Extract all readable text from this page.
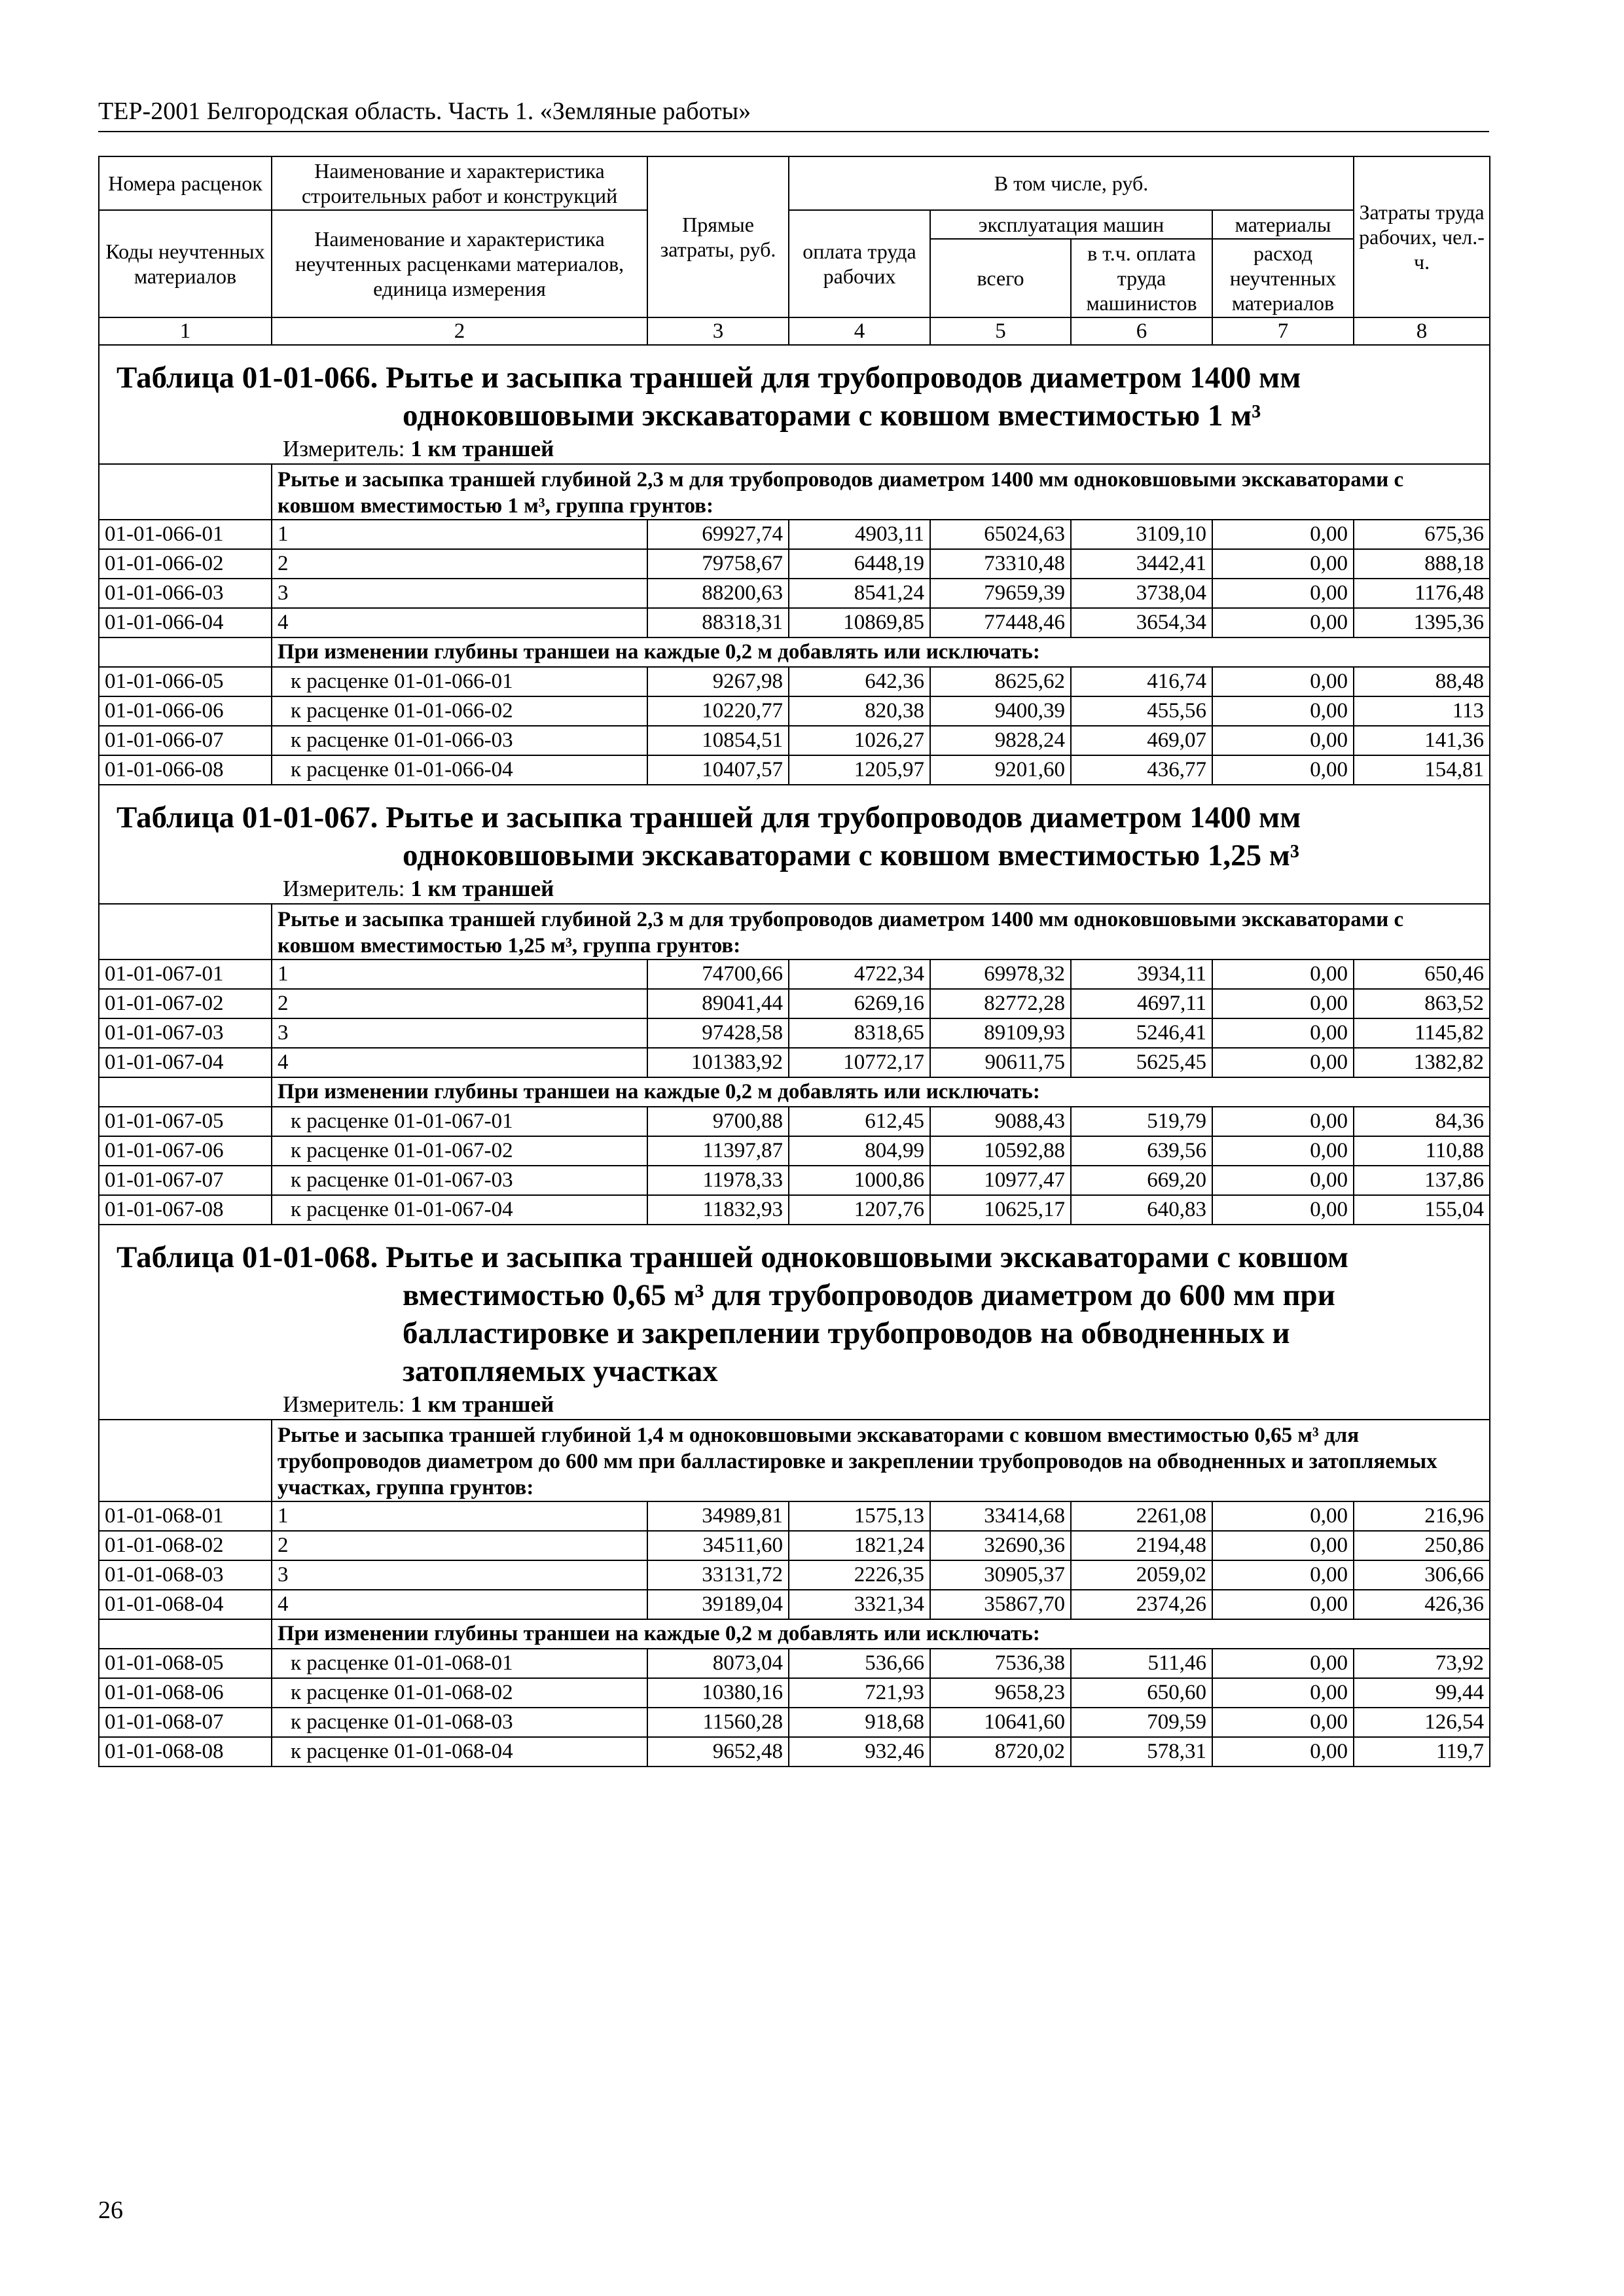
ТЕР-2001 Белгородская область. Часть 1. «Земляные работы»
Номера расценок	Наименование и характеристика строительных работ и конструкций	Прямые затраты, руб.	В том числе, руб.				Затраты труда рабочих, чел.-ч.
Коды неучтенных материалов	Наименование и характеристика неучтенных расценками материалов, единица измерения		оплата труда рабочих	эксплуатация машин		материалы	
				всего	в т.ч. оплата труда машинистов	расход неучтенных материалов	
1	2	3	4	5	6	7	8

Таблица 01-01-066. Рытье и засыпка траншей для трубопроводов диаметром 1400 мм
одноковшовыми экскаваторами с ковшом вместимостью 1 м³							

Измеритель: 1 км траншей							
	Рытье и засыпка траншей глубиной 2,3 м для трубопроводов диаметром 1400 мм одноковшовыми экскаваторами с ковшом вместимостью 1 м³, группа грунтов:						
01-01-066-01	1	69927,74	4903,11	65024,63	3109,10	0,00	675,36
01-01-066-02	2	79758,67	6448,19	73310,48	3442,41	0,00	888,18
01-01-066-03	3	88200,63	8541,24	79659,39	3738,04	0,00	1176,48
01-01-066-04	4	88318,31	10869,85	77448,46	3654,34	0,00	1395,36
	При изменении глубины траншеи на каждые 0,2 м добавлять или исключать:						
01-01-066-05	к расценке 01-01-066-01	9267,98	642,36	8625,62	416,74	0,00	88,48
01-01-066-06	к расценке 01-01-066-02	10220,77	820,38	9400,39	455,56	0,00	113
01-01-066-07	к расценке 01-01-066-03	10854,51	1026,27	9828,24	469,07	0,00	141,36
01-01-066-08	к расценке 01-01-066-04	10407,57	1205,97	9201,60	436,77	0,00	154,81

Таблица 01-01-067. Рытье и засыпка траншей для трубопроводов диаметром 1400 мм
одноковшовыми экскаваторами с ковшом вместимостью 1,25 м³							

Измеритель: 1 км траншей							
	Рытье и засыпка траншей глубиной 2,3 м для трубопроводов диаметром 1400 мм одноковшовыми экскаваторами с ковшом вместимостью 1,25 м³, группа грунтов:						
01-01-067-01	1	74700,66	4722,34	69978,32	3934,11	0,00	650,46
01-01-067-02	2	89041,44	6269,16	82772,28	4697,11	0,00	863,52
01-01-067-03	3	97428,58	8318,65	89109,93	5246,41	0,00	1145,82
01-01-067-04	4	101383,92	10772,17	90611,75	5625,45	0,00	1382,82
	При изменении глубины траншеи на каждые 0,2 м добавлять или исключать:						
01-01-067-05	к расценке 01-01-067-01	9700,88	612,45	9088,43	519,79	0,00	84,36
01-01-067-06	к расценке 01-01-067-02	11397,87	804,99	10592,88	639,56	0,00	110,88
01-01-067-07	к расценке 01-01-067-03	11978,33	1000,86	10977,47	669,20	0,00	137,86
01-01-067-08	к расценке 01-01-067-04	11832,93	1207,76	10625,17	640,83	0,00	155,04

Таблица 01-01-068. Рытье и засыпка траншей одноковшовыми экскаваторами с ковшом
вместимостью 0,65 м³ для трубопроводов диаметром до 600 мм при
балластировке и закреплении трубопроводов на обводненных и
затопляемых участках							

Измеритель: 1 км траншей							
	Рытье и засыпка траншей глубиной 1,4 м одноковшовыми экскаваторами с ковшом вместимостью 0,65 м³ для трубопроводов диаметром до 600 мм при балластировке и закреплении трубопроводов на обводненных и затопляемых участках, группа грунтов:						
01-01-068-01	1	34989,81	1575,13	33414,68	2261,08	0,00	216,96
01-01-068-02	2	34511,60	1821,24	32690,36	2194,48	0,00	250,86
01-01-068-03	3	33131,72	2226,35	30905,37	2059,02	0,00	306,66
01-01-068-04	4	39189,04	3321,34	35867,70	2374,26	0,00	426,36
	При изменении глубины траншеи на каждые 0,2 м добавлять или исключать:						
01-01-068-05	к расценке 01-01-068-01	8073,04	536,66	7536,38	511,46	0,00	73,92
01-01-068-06	к расценке 01-01-068-02	10380,16	721,93	9658,23	650,60	0,00	99,44
01-01-068-07	к расценке 01-01-068-03	11560,28	918,68	10641,60	709,59	0,00	126,54
01-01-068-08	к расценке 01-01-068-04	9652,48	932,46	8720,02	578,31	0,00	119,7
26
